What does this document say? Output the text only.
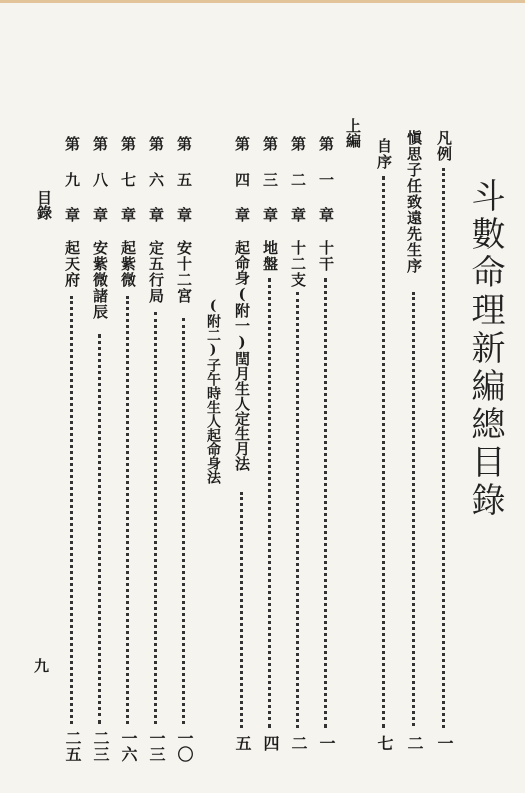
斗數命理新編總目錄
凡例
一
愼思子任致遠先生序
二
自序
七
上編
第
一
章
十干
一
第
二
章
十二支
二
第
三
章
地盤
四
第
四
章
起命身(附一)閏月生人定生月法
五
(附二)子午時生人起命身法
第
五
章
安十二宮
一〇
第
六
章
定五行局
一三
第
七
章
起紫微
一六
第
八
章
安紫微諸辰
二三
第
九
章
起天府
二五
目錄
九
